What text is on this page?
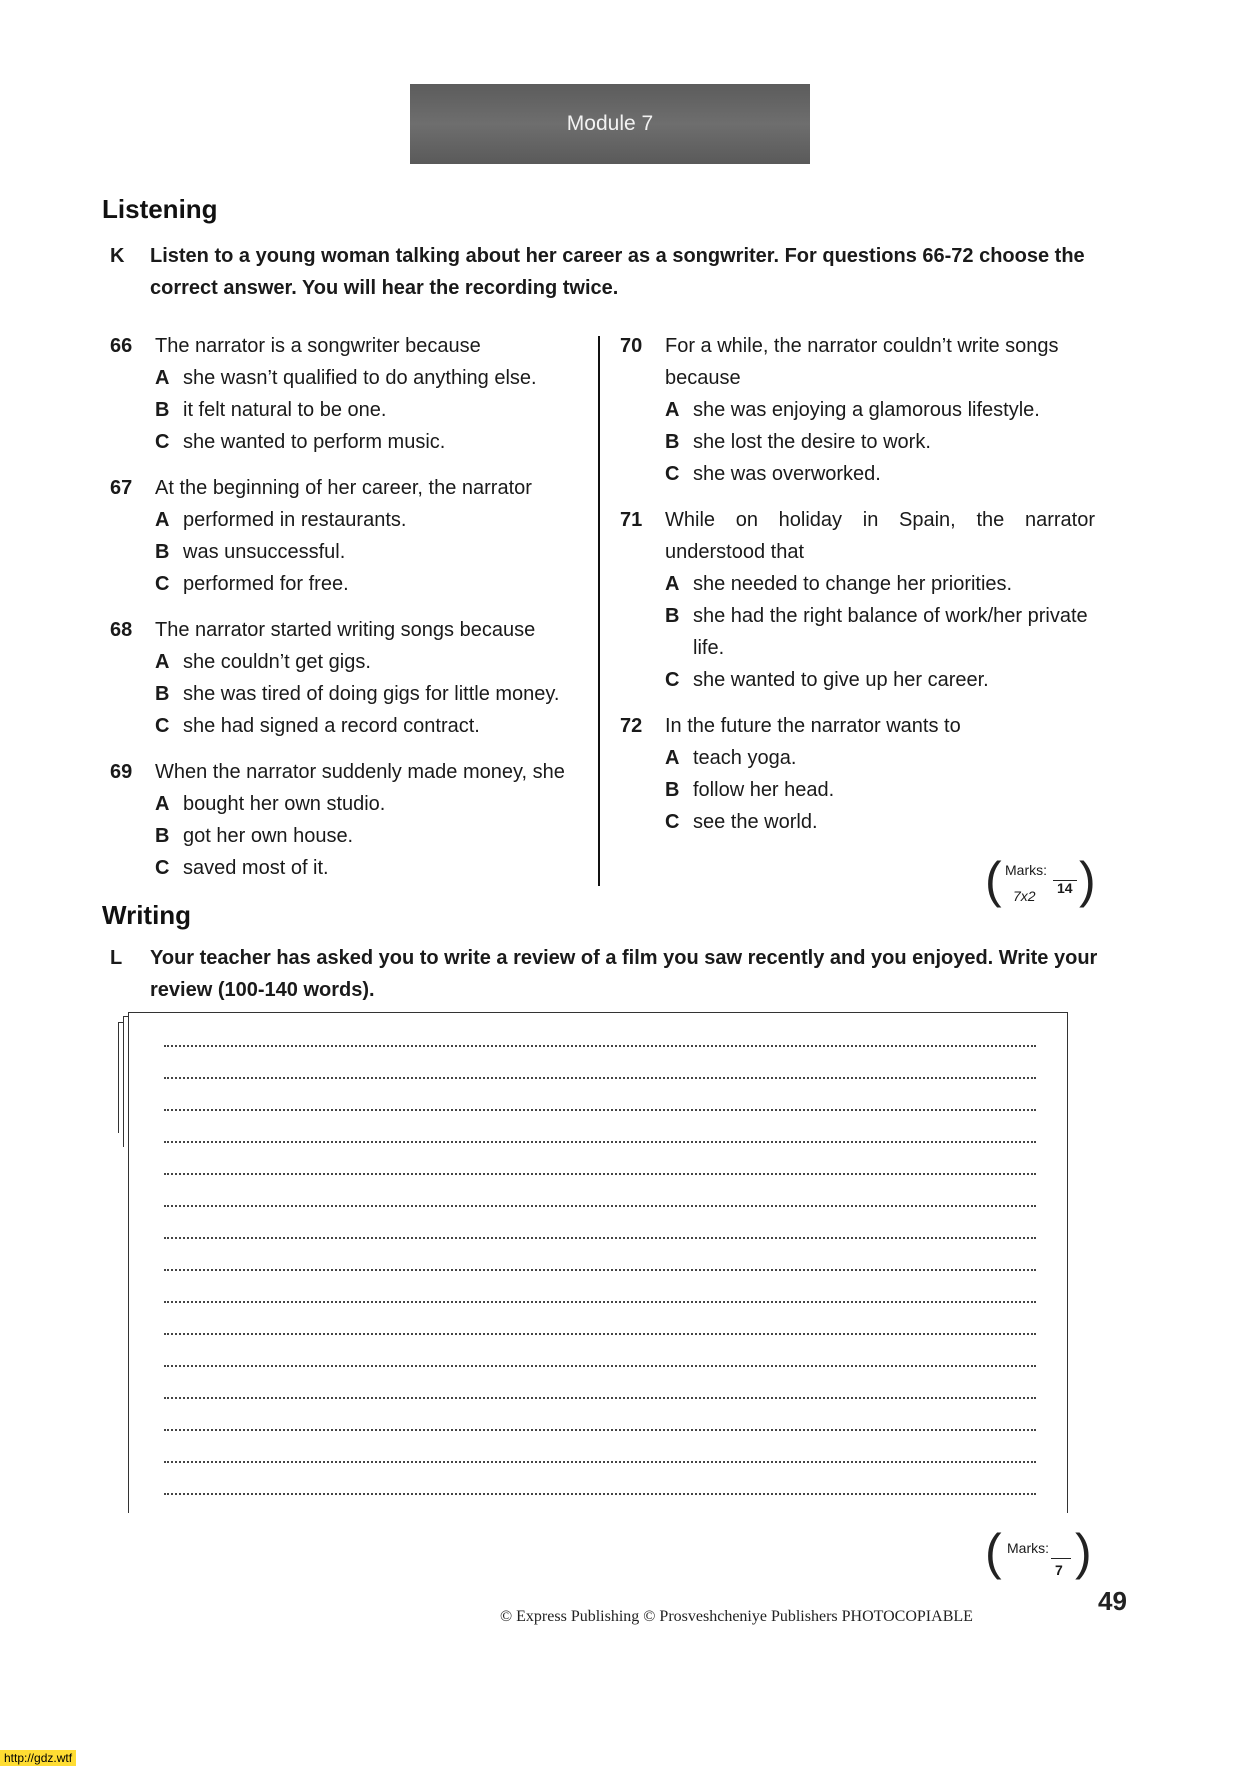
Module 7
Listening
K Listen to a young woman talking about her career as a songwriter. For questions 66-72 choose the correct answer. You will hear the recording twice.
66 The narrator is a songwriter because
A she wasn’t qualified to do anything else.
B it felt natural to be one.
C she wanted to perform music.
67 At the beginning of her career, the narrator
A performed in restaurants.
B was unsuccessful.
C performed for free.
68 The narrator started writing songs because
A she couldn’t get gigs.
B she was tired of doing gigs for little money.
C she had signed a record contract.
69 When the narrator suddenly made money, she
A bought her own studio.
B got her own house.
C saved most of it.
70 For a while, the narrator couldn’t write songs because
A she was enjoying a glamorous lifestyle.
B she lost the desire to work.
C she was overworked.
71 While on holiday in Spain, the narrator understood that
A she needed to change her priorities.
B she had the right balance of work/her private life.
C she wanted to give up her career.
72 In the future the narrator wants to
A teach yoga.
B follow her head.
C see the world.
( Marks:
7x2 14 )
Writing
L Your teacher has asked you to write a review of a film you saw recently and you enjoyed. Write your review (100-140 words).
( Marks:
7 )
© Express Publishing © Prosveshcheniye Publishers PHOTOCOPIABLE
49
http://gdz.wtf
